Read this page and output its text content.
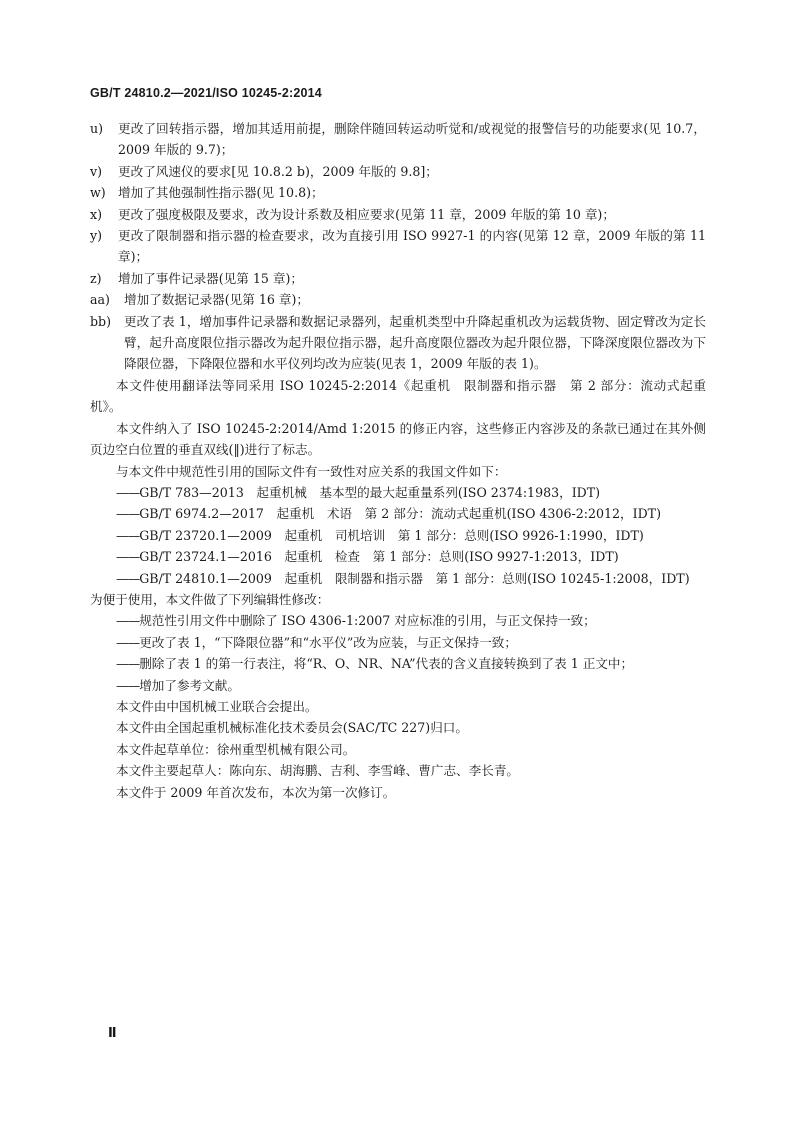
GB/T 24810.2—2021/ISO 10245-2:2014
u)	更改了回转指示器，增加其适用前提，删除伴随回转运动听觉和/或视觉的报警信号的功能要求(见 10.7，2009 年版的 9.7)；
v)	更改了风速仪的要求[见 10.8.2 b)，2009 年版的 9.8]；
w) 增加了其他强制性指示器(见 10.8)；
x)	更改了强度极限及要求，改为设计系数及相应要求(见第 11 章，2009 年版的第 10 章)；
y)	更改了限制器和指示器的检查要求，改为直接引用 ISO 9927-1 的内容(见第 12 章，2009 年版的第 11 章)；
z)	增加了事件记录器(见第 15 章)；
aa)	增加了数据记录器(见第 16 章)；
bb)	更改了表 1，增加事件记录器和数据记录器列，起重机类型中升降起重机改为运载货物、固定臂改为定长臂，起升高度限位指示器改为起升限位指示器，起升高度限位器改为起升限位器，下降深度限位器改为下降限位器，下降限位器和水平仪列均改为应装(见表 1，2009 年版的表 1)。
本文件使用翻译法等同采用 ISO 10245-2:2014《起重机　限制器和指示器　第 2 部分：流动式起重机》。
本文件纳入了 ISO 10245-2:2014/Amd 1:2015 的修正内容，这些修正内容涉及的条款已通过在其外侧页边空白位置的垂直双线(‖)进行了标志。
与本文件中规范性引用的国际文件有一致性对应关系的我国文件如下：
——GB/T 783—2013　起重机械　基本型的最大起重量系列(ISO 2374:1983，IDT)
——GB/T 6974.2—2017　起重机　术语　第 2 部分：流动式起重机(ISO 4306-2:2012，IDT)
——GB/T 23720.1—2009　起重机　司机培训　第 1 部分：总则(ISO 9926-1:1990，IDT)
——GB/T 23724.1—2016　起重机　检查　第 1 部分：总则(ISO 9927-1:2013，IDT)
——GB/T 24810.1—2009　起重机　限制器和指示器　第 1 部分：总则(ISO 10245-1:2008，IDT)
为便于使用，本文件做了下列编辑性修改：
——规范性引用文件中删除了 ISO 4306-1:2007 对应标准的引用，与正文保持一致；
——更改了表 1，“下降限位器”和“水平仪”改为应装，与正文保持一致；
——删除了表 1 的第一行表注，将“R、O、NR、NA”代表的含义直接转换到了表 1 正文中；
——增加了参考文献。
本文件由中国机械工业联合会提出。
本文件由全国起重机械标准化技术委员会(SAC/TC 227)归口。
本文件起草单位：徐州重型机械有限公司。
本文件主要起草人：陈向东、胡海鹏、吉利、李雪峰、曹广志、李长青。
本文件于 2009 年首次发布，本次为第一次修订。
Ⅱ
